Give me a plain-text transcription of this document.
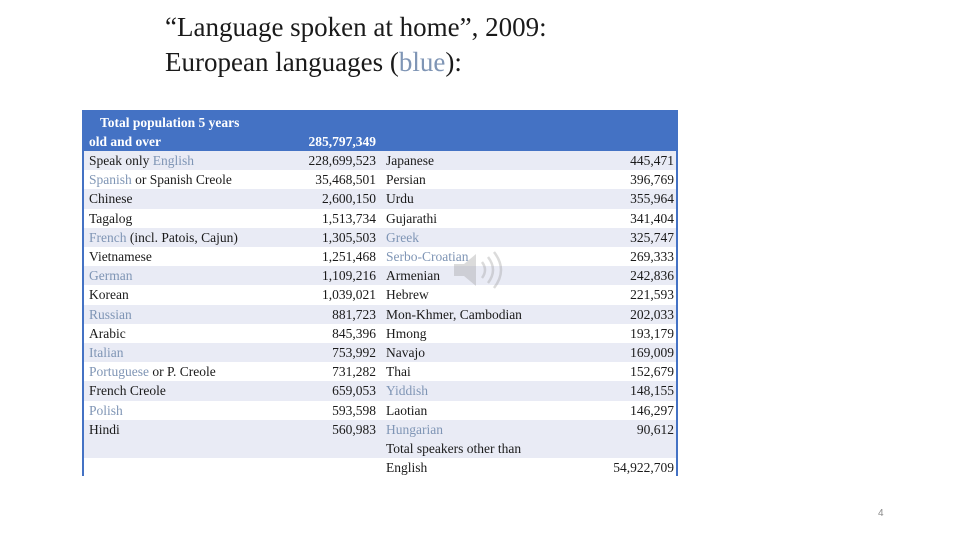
“Language spoken at home”, 2009:
European languages (blue):
Total population 5 years
old and over	285,797,349
Speak only English	228,699,523 Japanese	445,471
Spanish or Spanish Creole	35,468,501 Persian	396,769
Chinese	2,600,150 Urdu	355,964
Tagalog	1,513,734 Gujarathi	341,404
French (incl. Patois, Cajun)	1,305,503 Greek	325,747
Vietnamese	1,251,468 Serbo-Croatian	269,333
German	1,109,216 Armenian	242,836
Korean	1,039,021 Hebrew	221,593
Russian	881,723 Mon-Khmer, Cambodian	202,033
Arabic	845,396 Hmong	193,179
Italian	753,992 Navajo	169,009
Portuguese or P. Creole	731,282 Thai	152,679
French Creole	659,053 Yiddish	148,155
Polish	593,598 Laotian	146,297
Hindi	560,983 Hungarian	90,612
Total speakers other than
English	54,922,709
4
